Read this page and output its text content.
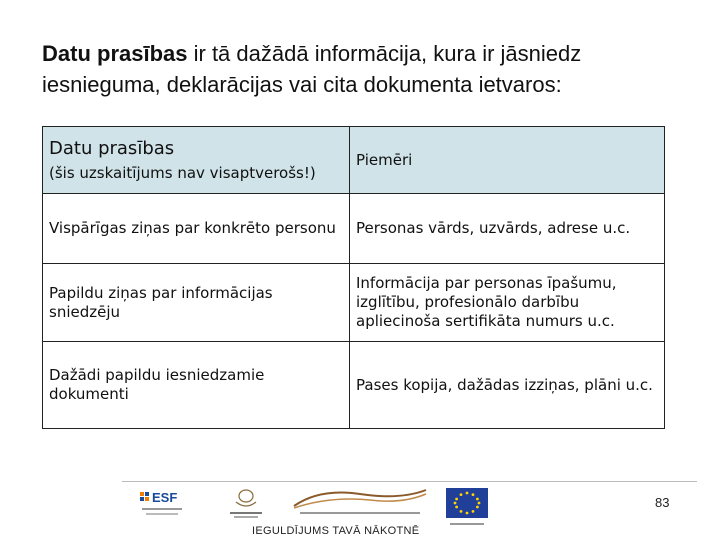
Datu prasības ir tā dažādā informācija, kura ir jāsniedz iesnieguma, deklarācijas vai cita dokumenta ietvaros:
Datu prasības
(šis uzskaitījums nav visaptverošs!)	Piemēri
Vispārīgas ziņas par konkrēto personu	Personas vārds, uzvārds, adrese u.c.
Papildu ziņas par informācijas sniedzēju	Informācija par personas īpašumu, izglītību, profesionālo darbību apliecinoša sertifikāta numurs u.c.
Dažādi papildu iesniedzamie dokumenti	Pases kopija, dažādas izziņas, plāni u.c.
ESF	83
IEGULDĪJUMS TAVĀ NĀKOTNĒ
